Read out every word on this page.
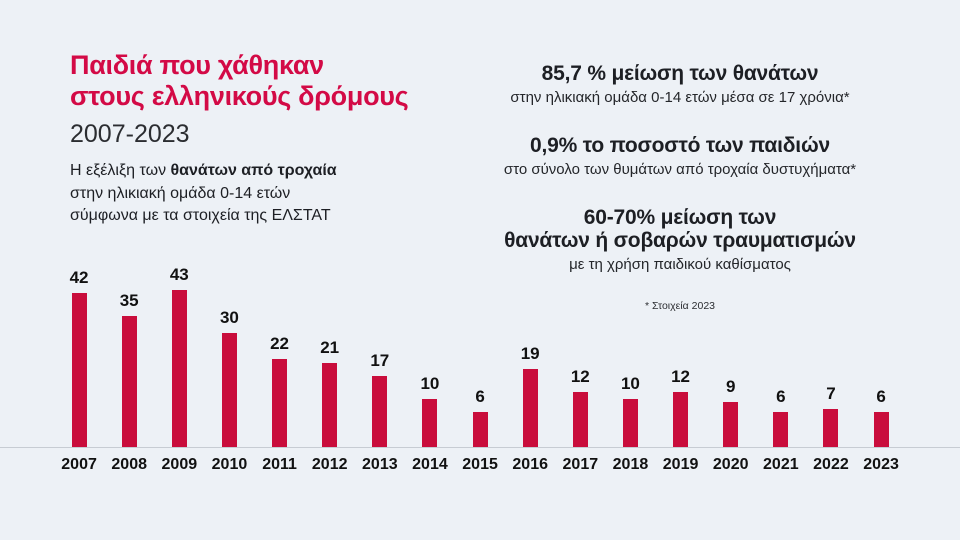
Παιδιά που χάθηκαν
στους ελληνικούς δρόμους
2007-2023
Η εξέλιξη των θανάτων από τροχαία
στην ηλικιακή ομάδα 0-14 ετών
σύμφωνα με τα στοιχεία της ΕΛΣΤΑΤ
85,7 % μείωση των θανάτων
στην ηλικιακή ομάδα 0-14 ετών μέσα σε 17 χρόνια*
0,9% το ποσοστό των παιδιών
στο σύνολο των θυμάτων από τροχαία δυστυχήματα*
60-70% μείωση των
θανάτων ή σοβαρών τραυματισμών
με τη χρήση παιδικού καθίσματος
* Στοιχεία 2023
42
35
43
30
22 21
17
10
6
19
12 10 12
9
6 7 6
2007 2008 2009 2010 2011 2012 2013 2014 2015 2016 2017 2018 2019 2020 2021 2022 2023
